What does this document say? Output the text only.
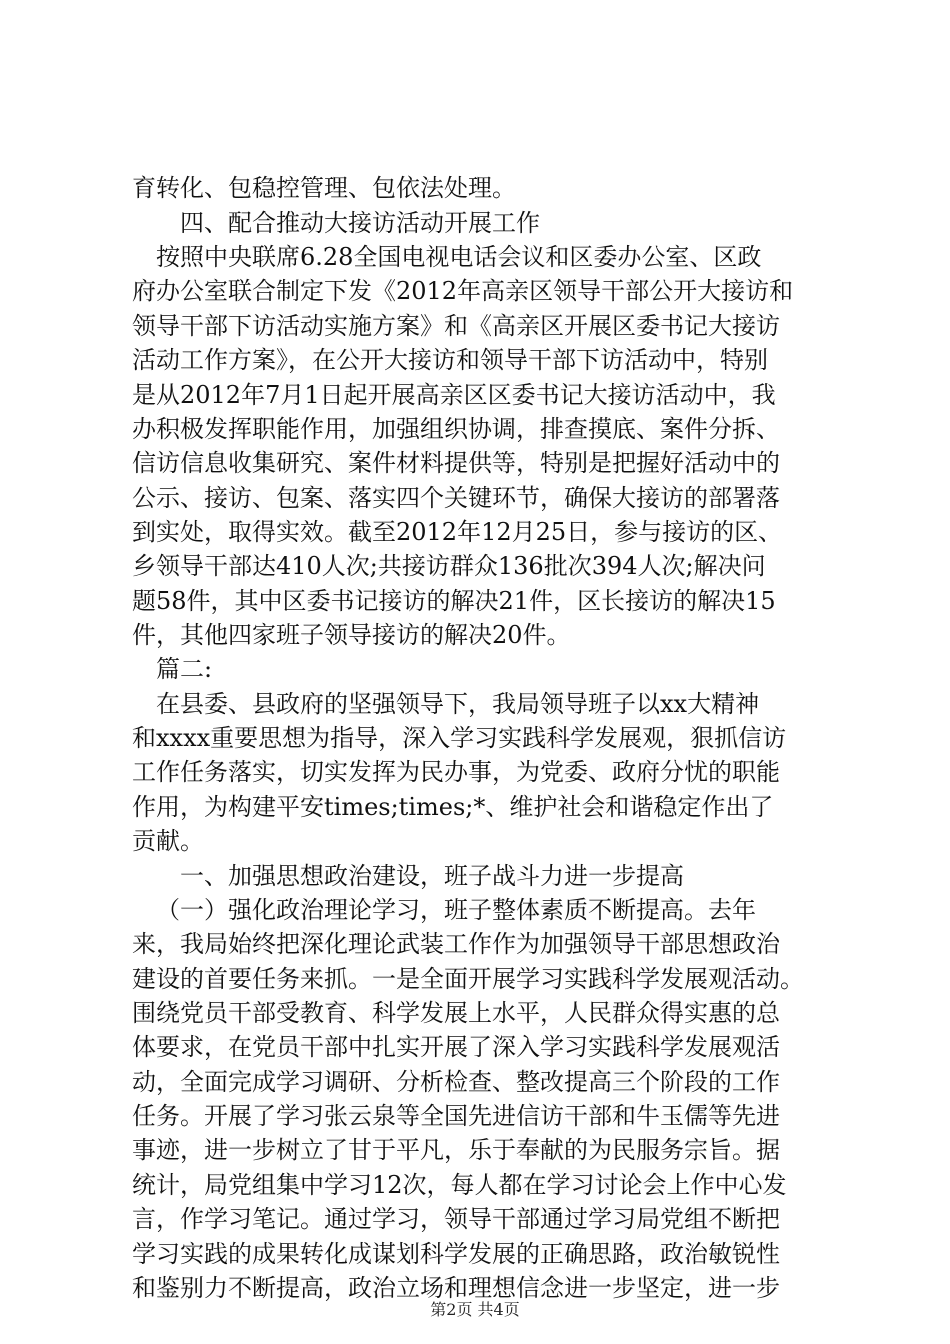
育转化、包稳控管理、包依法处理。
四、配合推动大接访活动开展工作
按照中央联席6.28全国电视电话会议和区委办公室、区政
府办公室联合制定下发《2012年高亲区领导干部公开大接访和
领导干部下访活动实施方案》和《高亲区开展区委书记大接访
活动工作方案》，在公开大接访和领导干部下访活动中，特别
是从2012年7月1日起开展高亲区区委书记大接访活动中，我
办积极发挥职能作用，加强组织协调，排查摸底、案件分拆、
信访信息收集研究、案件材料提供等，特别是把握好活动中的
公示、接访、包案、落实四个关键环节，确保大接访的部署落
到实处，取得实效。截至2012年12月25日，参与接访的区、
乡领导干部达410人次;共接访群众136批次394人次;解决问
题58件，其中区委书记接访的解决21件，区长接访的解决15
件，其他四家班子领导接访的解决20件。
篇二:
在县委、县政府的坚强领导下，我局领导班子以xx大精神
和xxxx重要思想为指导，深入学习实践科学发展观，狠抓信访
工作任务落实，切实发挥为民办事，为党委、政府分忧的职能
作用，为构建平安times;times;*、维护社会和谐稳定作出了
贡献。
一、加强思想政治建设，班子战斗力进一步提高
（一）强化政治理论学习，班子整体素质不断提高。去年
来，我局始终把深化理论武装工作作为加强领导干部思想政治
建设的首要任务来抓。一是全面开展学习实践科学发展观活动。
围绕党员干部受教育、科学发展上水平，人民群众得实惠的总
体要求，在党员干部中扎实开展了深入学习实践科学发展观活
动，全面完成学习调研、分析检查、整改提高三个阶段的工作
任务。开展了学习张云泉等全国先进信访干部和牛玉儒等先进
事迹，进一步树立了甘于平凡，乐于奉献的为民服务宗旨。据
统计，局党组集中学习12次，每人都在学习讨论会上作中心发
言，作学习笔记。通过学习，领导干部通过学习局党组不断把
学习实践的成果转化成谋划科学发展的正确思路，政治敏锐性
和鉴别力不断提高，政治立场和理想信念进一步坚定，进一步
第2页 共4页
